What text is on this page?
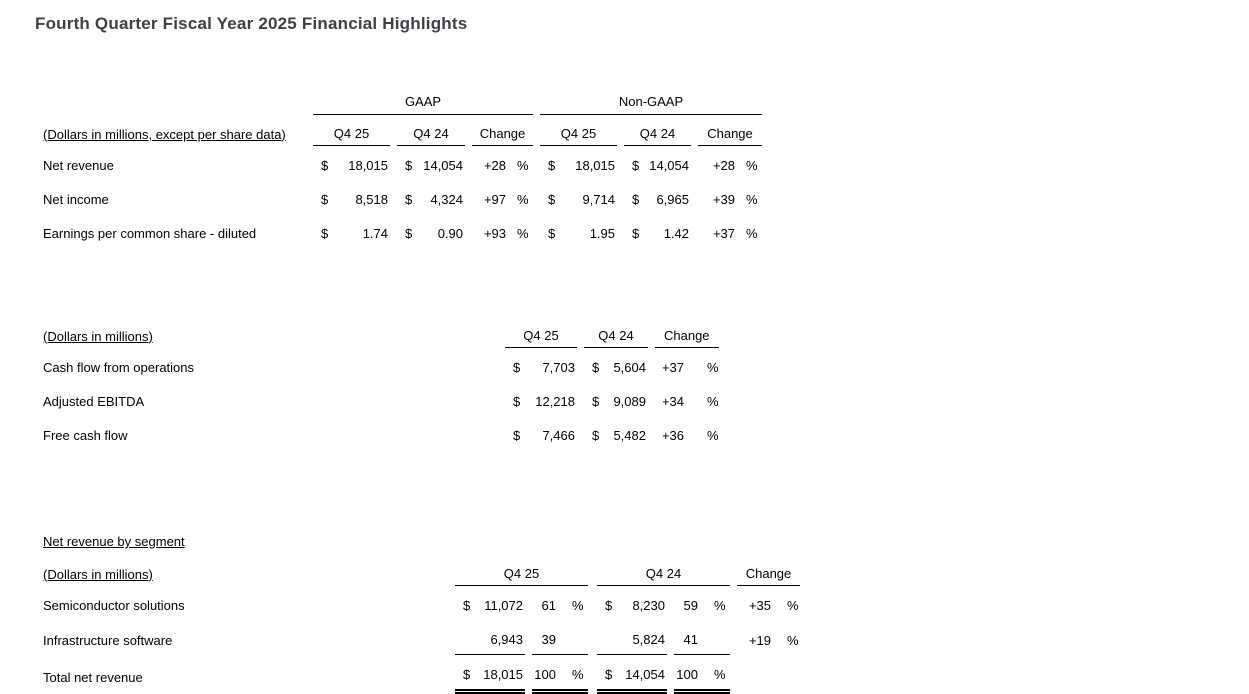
Fourth Quarter Fiscal Year 2025 Financial Highlights
	GAAP									Non-GAAP							
(Dollars in millions, except per share data)	Q4 25			Q4 24			Change			Q4 25			Q4 24			Change	
Net revenue	$	18,015		$	14,054		+28	%		$	18,015		$	14,054		+28	%
Net income	$	8,518		$	4,324		+97	%		$	9,714		$	6,965		+39	%
Earnings per common share - diluted	$	1.74		$	0.90		+93	%		$	1.95		$	1.42		+37	%
(Dollars in millions)	Q4 25			Q4 24			Change	
Cash flow from operations	$	7,703		$	5,604		+37	%
Adjusted EBITDA	$	12,218		$	9,089		+34	%
Free cash flow	$	7,466		$	5,482		+36	%
Net revenue by segment														
(Dollars in millions)	Q4 25						Q4 24						Change	
Semiconductor solutions	$	11,072		61	%		$	8,230		59	%		+35	%
Infrastructure software		6,943		39				5,824		41			+19	%
Total net revenue	$	18,015		100	%		$	14,054		100	%			
